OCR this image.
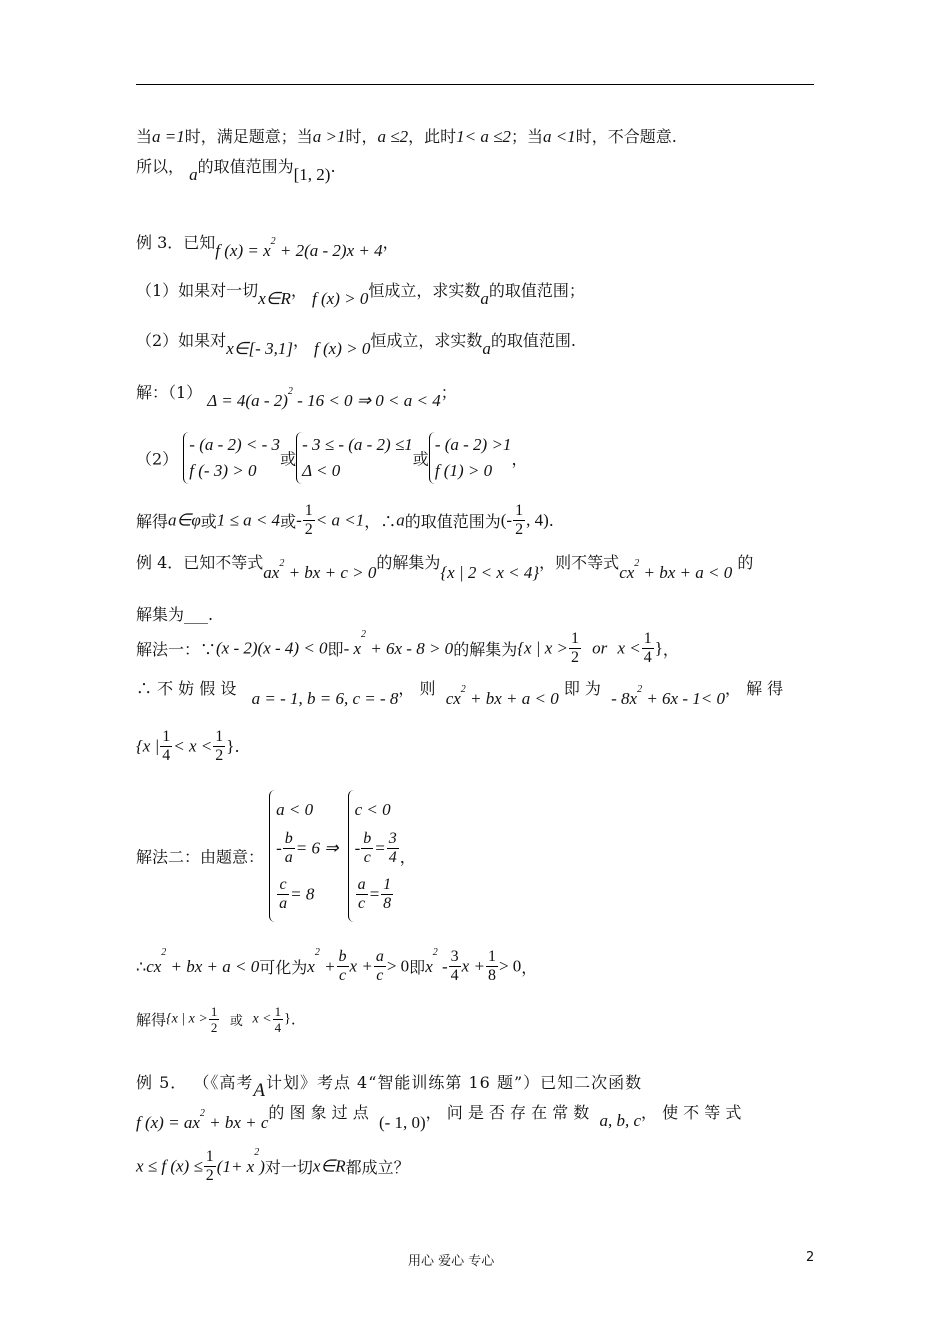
当a =1时，满足题意；当a >1时，a ≤2，此时1< a ≤2；当a <1时，不合题意.
所以， a的取值范围为[1, 2).
例 3．已知f $(x) = x^2 + 2(a - 2)x + 4$，
（1）如果对一切x∈R， f (x) > 0恒成立，求实数a的取值范围；
（2）如果对x∈[- 3,1]， f (x) > 0恒成立，求实数a的取值范围.
解：（1） Δ = 4(a - 2)$^2$ - 16 < 0 ⇒ 0 < a < 4；
（2）
- (a - 2) < - 3
f (- 3) > 0
或
- 3 ≤ - (a - 2) ≤1
Δ < 0
或
- (a - 2) >1
f (1) > 0
，
解得a∈φ或1 ≤ a < 4或- $\frac{1}{2} < a <1$，∴a的取值范围为(- $\frac{1}{2}$ , 4).
例 4．已知不等式$ax^2$ + bx + c > 0的解集为{x | 2 < x < 4}，则不等式$cx^2$ + bx + a < 0 的
解集为___.
解法一：∵(x - 2)(x - 4) < 0即- $x^2 + 6x - 8 > 0$的解集为{x | $x > \frac{1}{2}$ or $x < \frac{1}{4}$ }，
∴ 不 妨 假 设   a = - 1, b = 6, c = - 8， 则  $cx^2$ + bx + a < 0 即 为  - $8x^2 + 6x - 1< 0$， 解 得
{x | $\frac{1}{4} < x < \frac{1}{2}$ }.
解法二：由题意：
a < 0
- $\frac{b}{a} = 6$ ⇒
$\frac{c}{a} = 8$

c < 0
- $\frac{b}{c} = \frac{3}{4}$
$\frac{a}{c} = \frac{1}{8}$
，
$\therefore cx^2$ + bx + a < 0可化为$x^2 + \frac{b}{c}$ $x + \frac{a}{c} > 0$即$x^2 - \frac{3}{4}$ $x + \frac{1}{8} > 0$，
解得{x | $x > \frac{1}{2}$ 或 $x < \frac{1}{4}$ }.
例 5． （《高考A计划》考点 4“智能训练第 16 题”）已知二次函数
f $(x) = ax^2$ + bx + c的 图 象 过 点  (- 1, 0)， 问 是 否 存 在 常 数 a, b, c， 使 不 等 式
x ≤ f $(x) \le \frac{1}{2} (1+ x^2)$对一切x∈R都成立？
用心 爱心 专心	2
